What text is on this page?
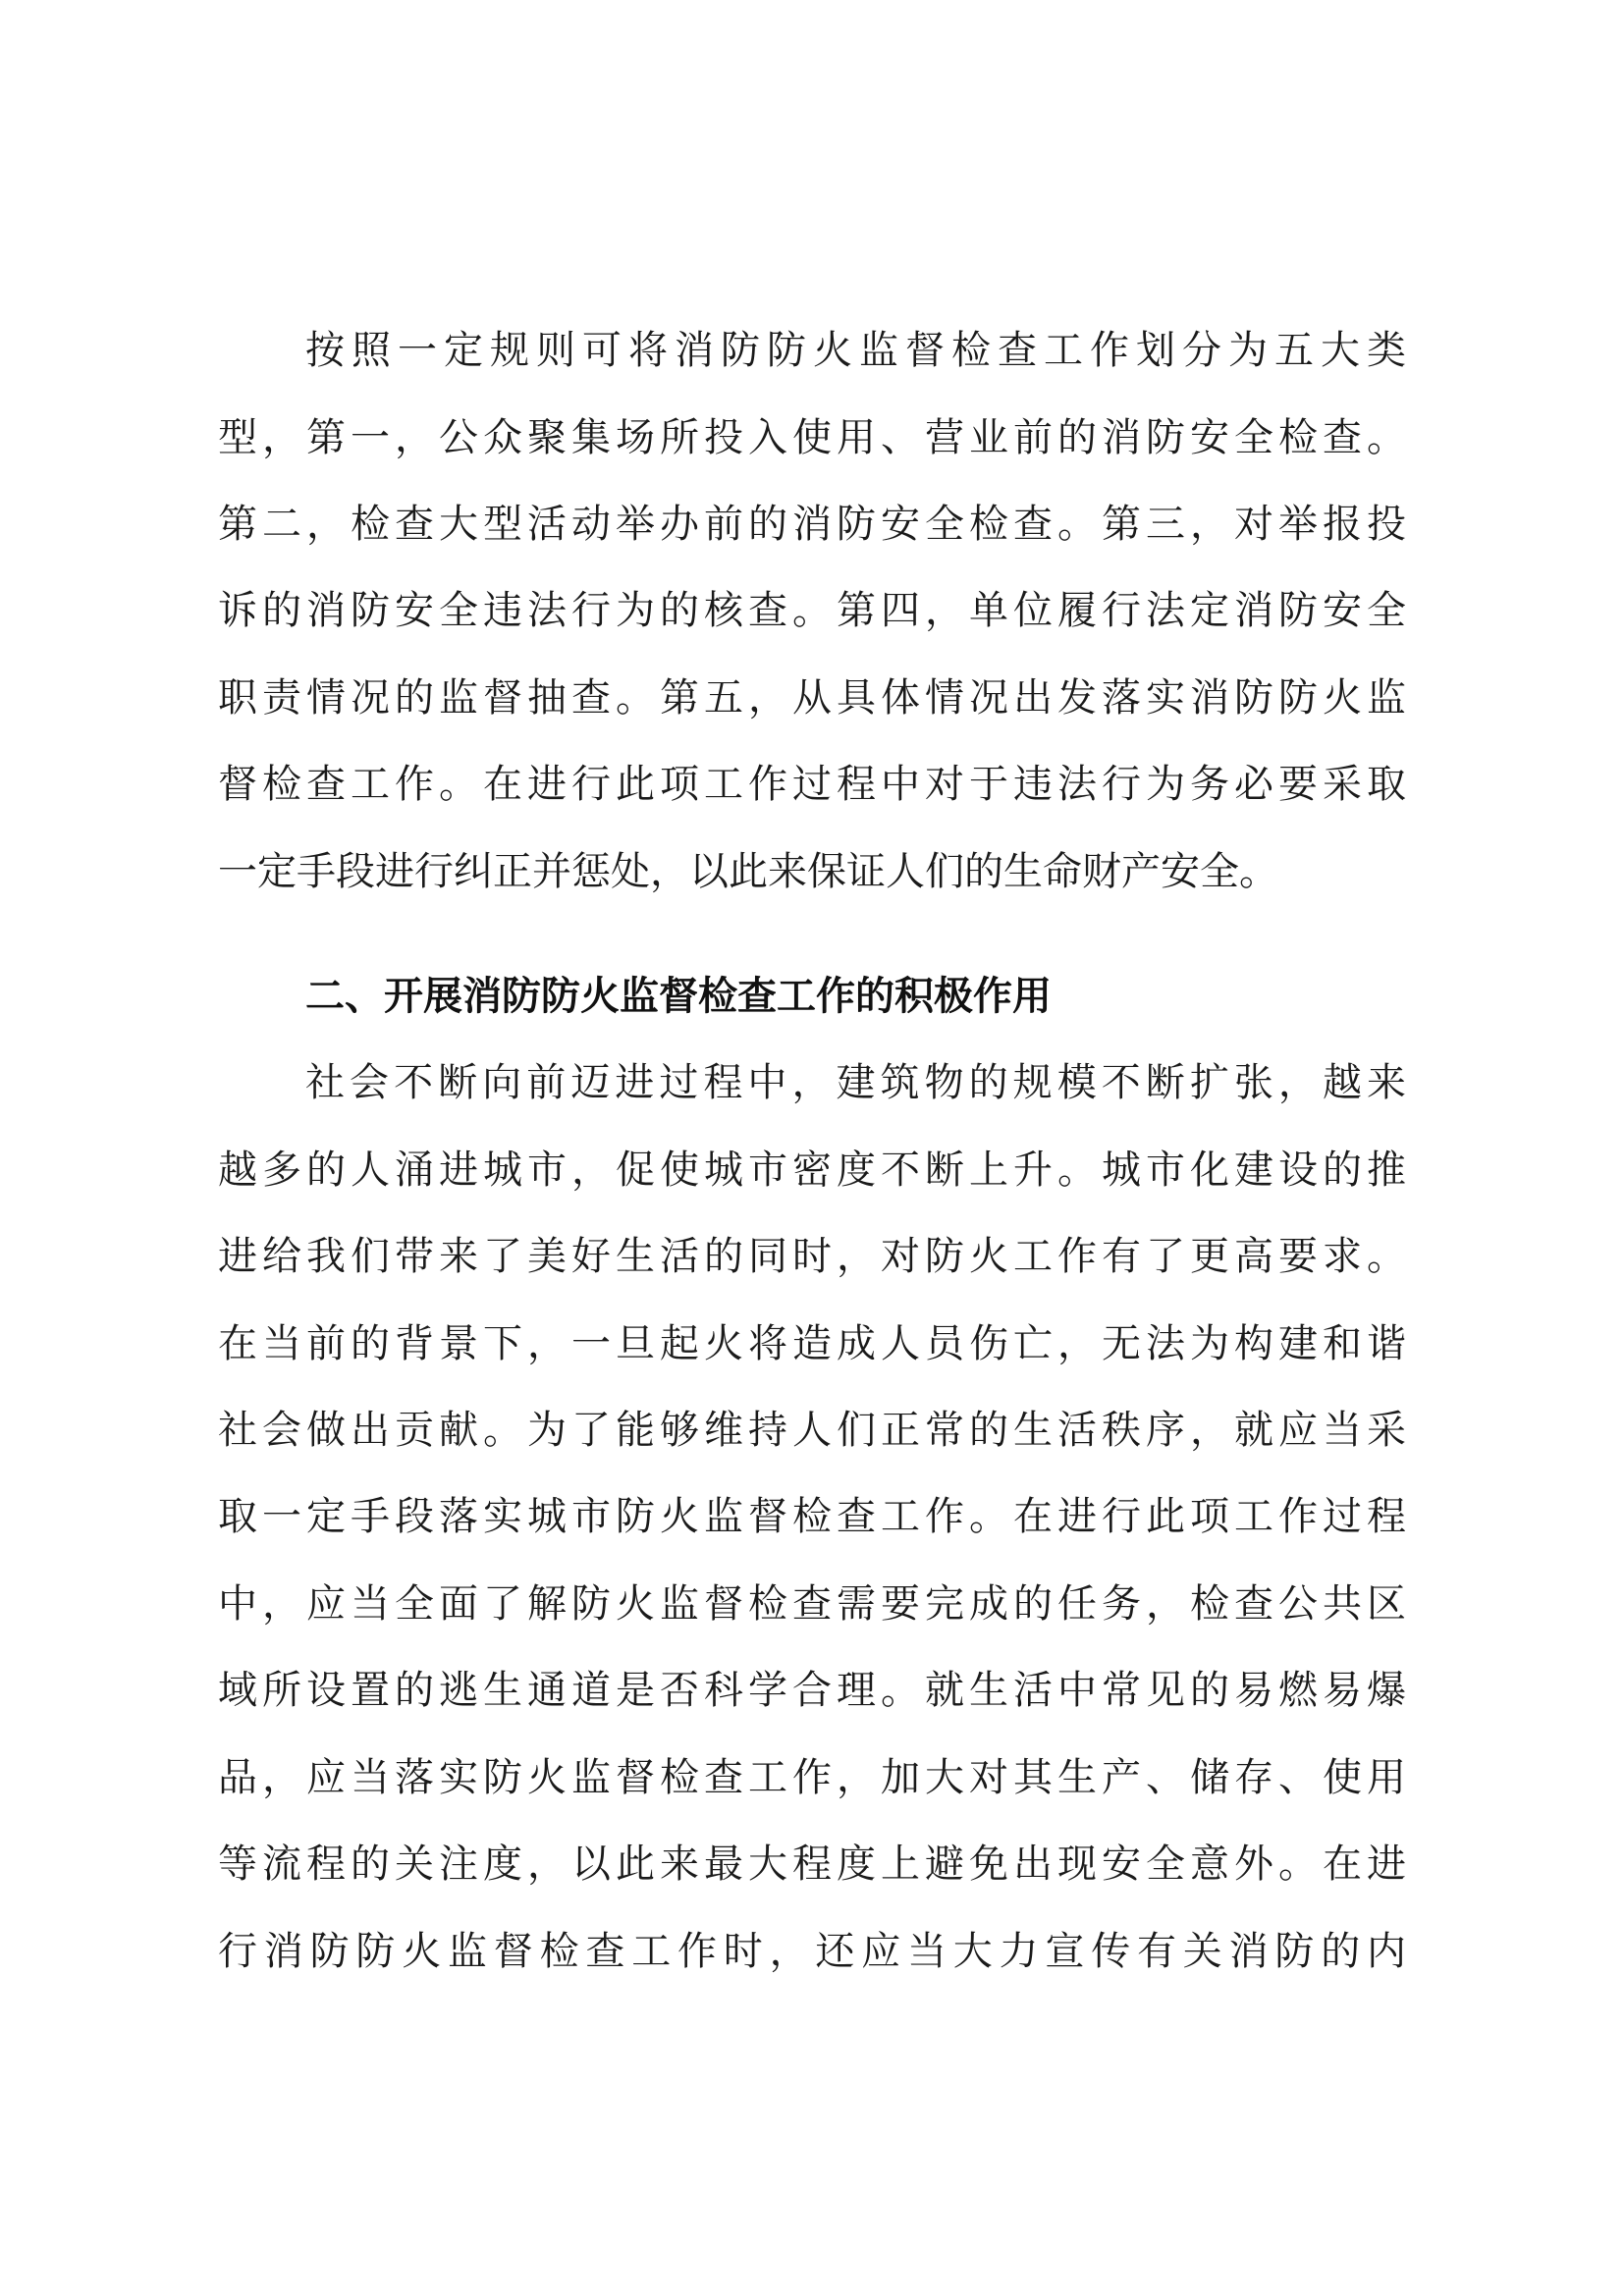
按照一定规则可将消防防火监督检查工作划分为五大类
型，第一，公众聚集场所投入使用、营业前的消防安全检查。
第二，检查大型活动举办前的消防安全检查。第三，对举报投
诉的消防安全违法行为的核查。第四，单位履行法定消防安全
职责情况的监督抽查。第五，从具体情况出发落实消防防火监
督检查工作。在进行此项工作过程中对于违法行为务必要采取
一定手段进行纠正并惩处，以此来保证人们的生命财产安全。
二、开展消防防火监督检查工作的积极作用
社会不断向前迈进过程中，建筑物的规模不断扩张，越来
越多的人涌进城市，促使城市密度不断上升。城市化建设的推
进给我们带来了美好生活的同时，对防火工作有了更高要求。
在当前的背景下，一旦起火将造成人员伤亡，无法为构建和谐
社会做出贡献。为了能够维持人们正常的生活秩序，就应当采
取一定手段落实城市防火监督检查工作。在进行此项工作过程
中，应当全面了解防火监督检查需要完成的任务，检查公共区
域所设置的逃生通道是否科学合理。就生活中常见的易燃易爆
品，应当落实防火监督检查工作，加大对其生产、储存、使用
等流程的关注度，以此来最大程度上避免出现安全意外。在进
行消防防火监督检查工作时，还应当大力宣传有关消防的内
